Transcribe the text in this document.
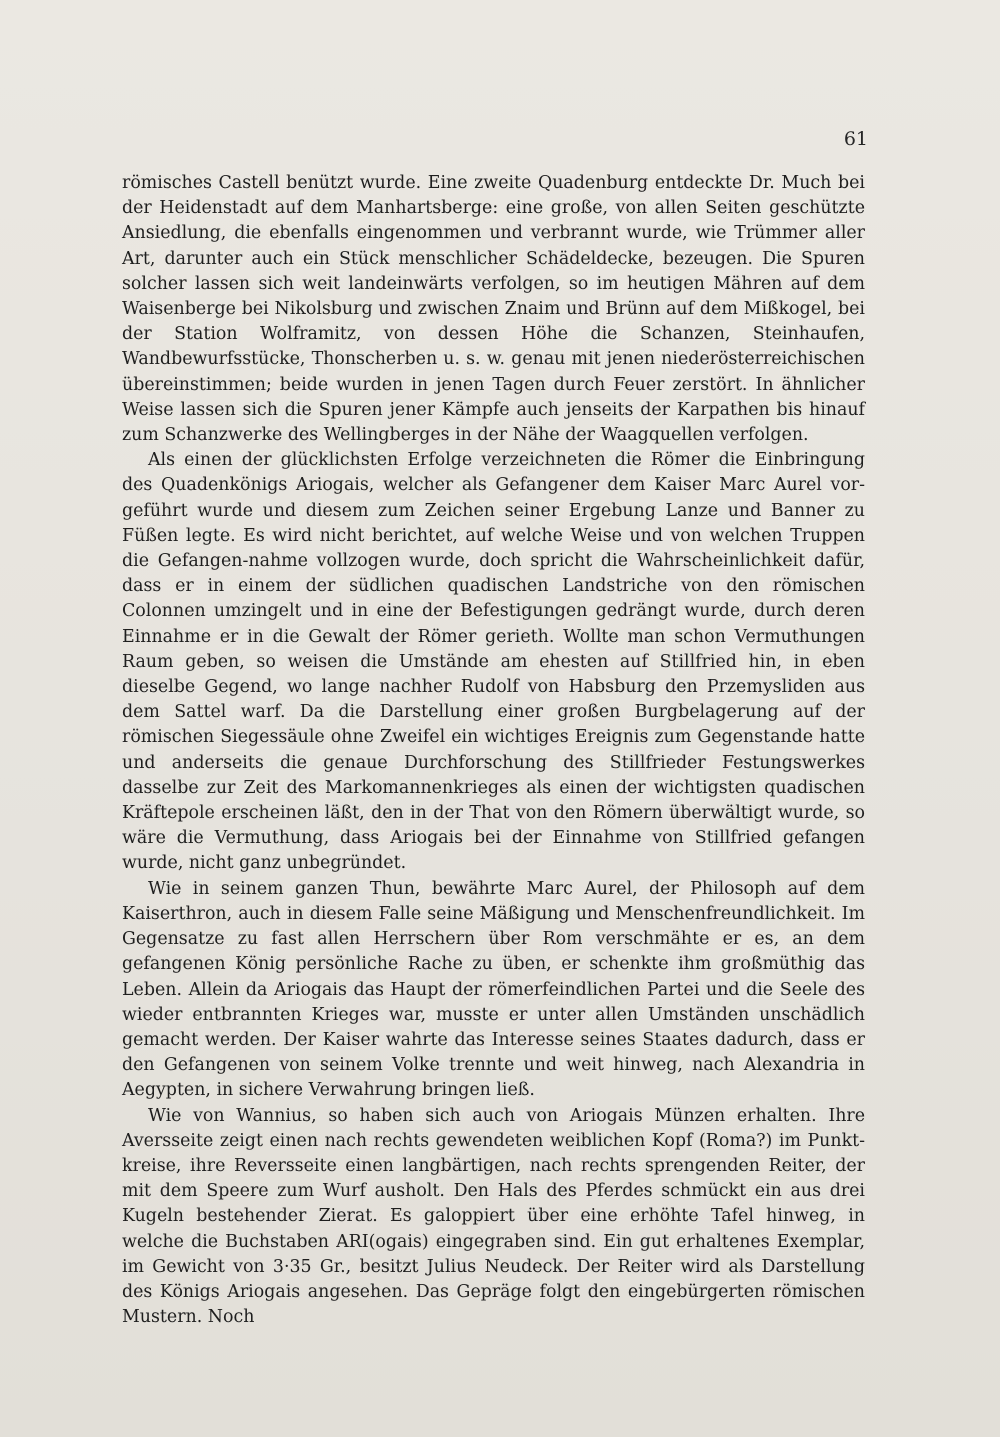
61

römisches Castell benützt wurde. Eine zweite Quadenburg entdeckte Dr. Much bei der Heidenstadt auf dem Manhartsberge: eine große, von allen Seiten geschützte Ansiedlung, die ebenfalls eingenommen und verbrannt wurde, wie Trümmer aller Art, darunter auch ein Stück menschlicher Schädeldecke, bezeugen. Die Spuren solcher lassen sich weit landeinwärts verfolgen, so im heutigen Mähren auf dem Waisenberge bei Nikolsburg und zwischen Znaim und Brünn auf dem Mißkogel, bei der Station Wolframitz, von dessen Höhe die Schanzen, Steinhaufen, Wandbewurfsstücke, Thonscherben u. s. w. genau mit jenen niederösterreichischen übereinstimmen; beide wurden in jenen Tagen durch Feuer zerstört. In ähnlicher Weise lassen sich die Spuren jener Kämpfe auch jenseits der Karpathen bis hinauf zum Schanzwerke des Wellingberges in der Nähe der Waagquellen verfolgen.

Als einen der glücklichsten Erfolge verzeichneten die Römer die Einbringung des Quadenkönigs Ariogais, welcher als Gefangener dem Kaiser Marc Aurel vor-geführt wurde und diesem zum Zeichen seiner Ergebung Lanze und Banner zu Füßen legte. Es wird nicht berichtet, auf welche Weise und von welchen Truppen die Gefangen-nahme vollzogen wurde, doch spricht die Wahrscheinlichkeit dafür, dass er in einem der südlichen quadischen Landstriche von den römischen Colonnen umzingelt und in eine der Befestigungen gedrängt wurde, durch deren Einnahme er in die Gewalt der Römer gerieth. Wollte man schon Vermuthungen Raum geben, so weisen die Umstände am ehesten auf Stillfried hin, in eben dieselbe Gegend, wo lange nachher Rudolf von Habsburg den Przemysliden aus dem Sattel warf. Da die Darstellung einer großen Burgbelagerung auf der römischen Siegessäule ohne Zweifel ein wichtiges Ereignis zum Gegenstande hatte und anderseits die genaue Durchforschung des Stillfrieder Festungswerkes dasselbe zur Zeit des Markomannenkrieges als einen der wichtigsten quadischen Kräftepole erscheinen läßt, den in der That von den Römern überwältigt wurde, so wäre die Vermuthung, dass Ariogais bei der Einnahme von Stillfried gefangen wurde, nicht ganz unbegründet.

Wie in seinem ganzen Thun, bewährte Marc Aurel, der Philosoph auf dem Kaiserthron, auch in diesem Falle seine Mäßigung und Menschenfreundlichkeit. Im Gegensatze zu fast allen Herrschern über Rom verschmähte er es, an dem gefangenen König persönliche Rache zu üben, er schenkte ihm großmüthig das Leben. Allein da Ariogais das Haupt der römerfeindlichen Partei und die Seele des wieder entbrannten Krieges war, musste er unter allen Umständen unschädlich gemacht werden. Der Kaiser wahrte das Interesse seines Staates dadurch, dass er den Gefangenen von seinem Volke trennte und weit hinweg, nach Alexandria in Aegypten, in sichere Verwahrung bringen ließ.

Wie von Wannius, so haben sich auch von Ariogais Münzen erhalten. Ihre Aversseite zeigt einen nach rechts gewendeten weiblichen Kopf (Roma?) im Punkt-kreise, ihre Reversseite einen langbärtigen, nach rechts sprengenden Reiter, der mit dem Speere zum Wurf ausholt. Den Hals des Pferdes schmückt ein aus drei Kugeln bestehender Zierat. Es galoppiert über eine erhöhte Tafel hinweg, in welche die Buchstaben ARI(ogais) eingegraben sind. Ein gut erhaltenes Exemplar, im Gewicht von 3·35 Gr., besitzt Julius Neudeck. Der Reiter wird als Darstellung des Königs Ariogais angesehen. Das Gepräge folgt den eingebürgerten römischen Mustern. Noch
